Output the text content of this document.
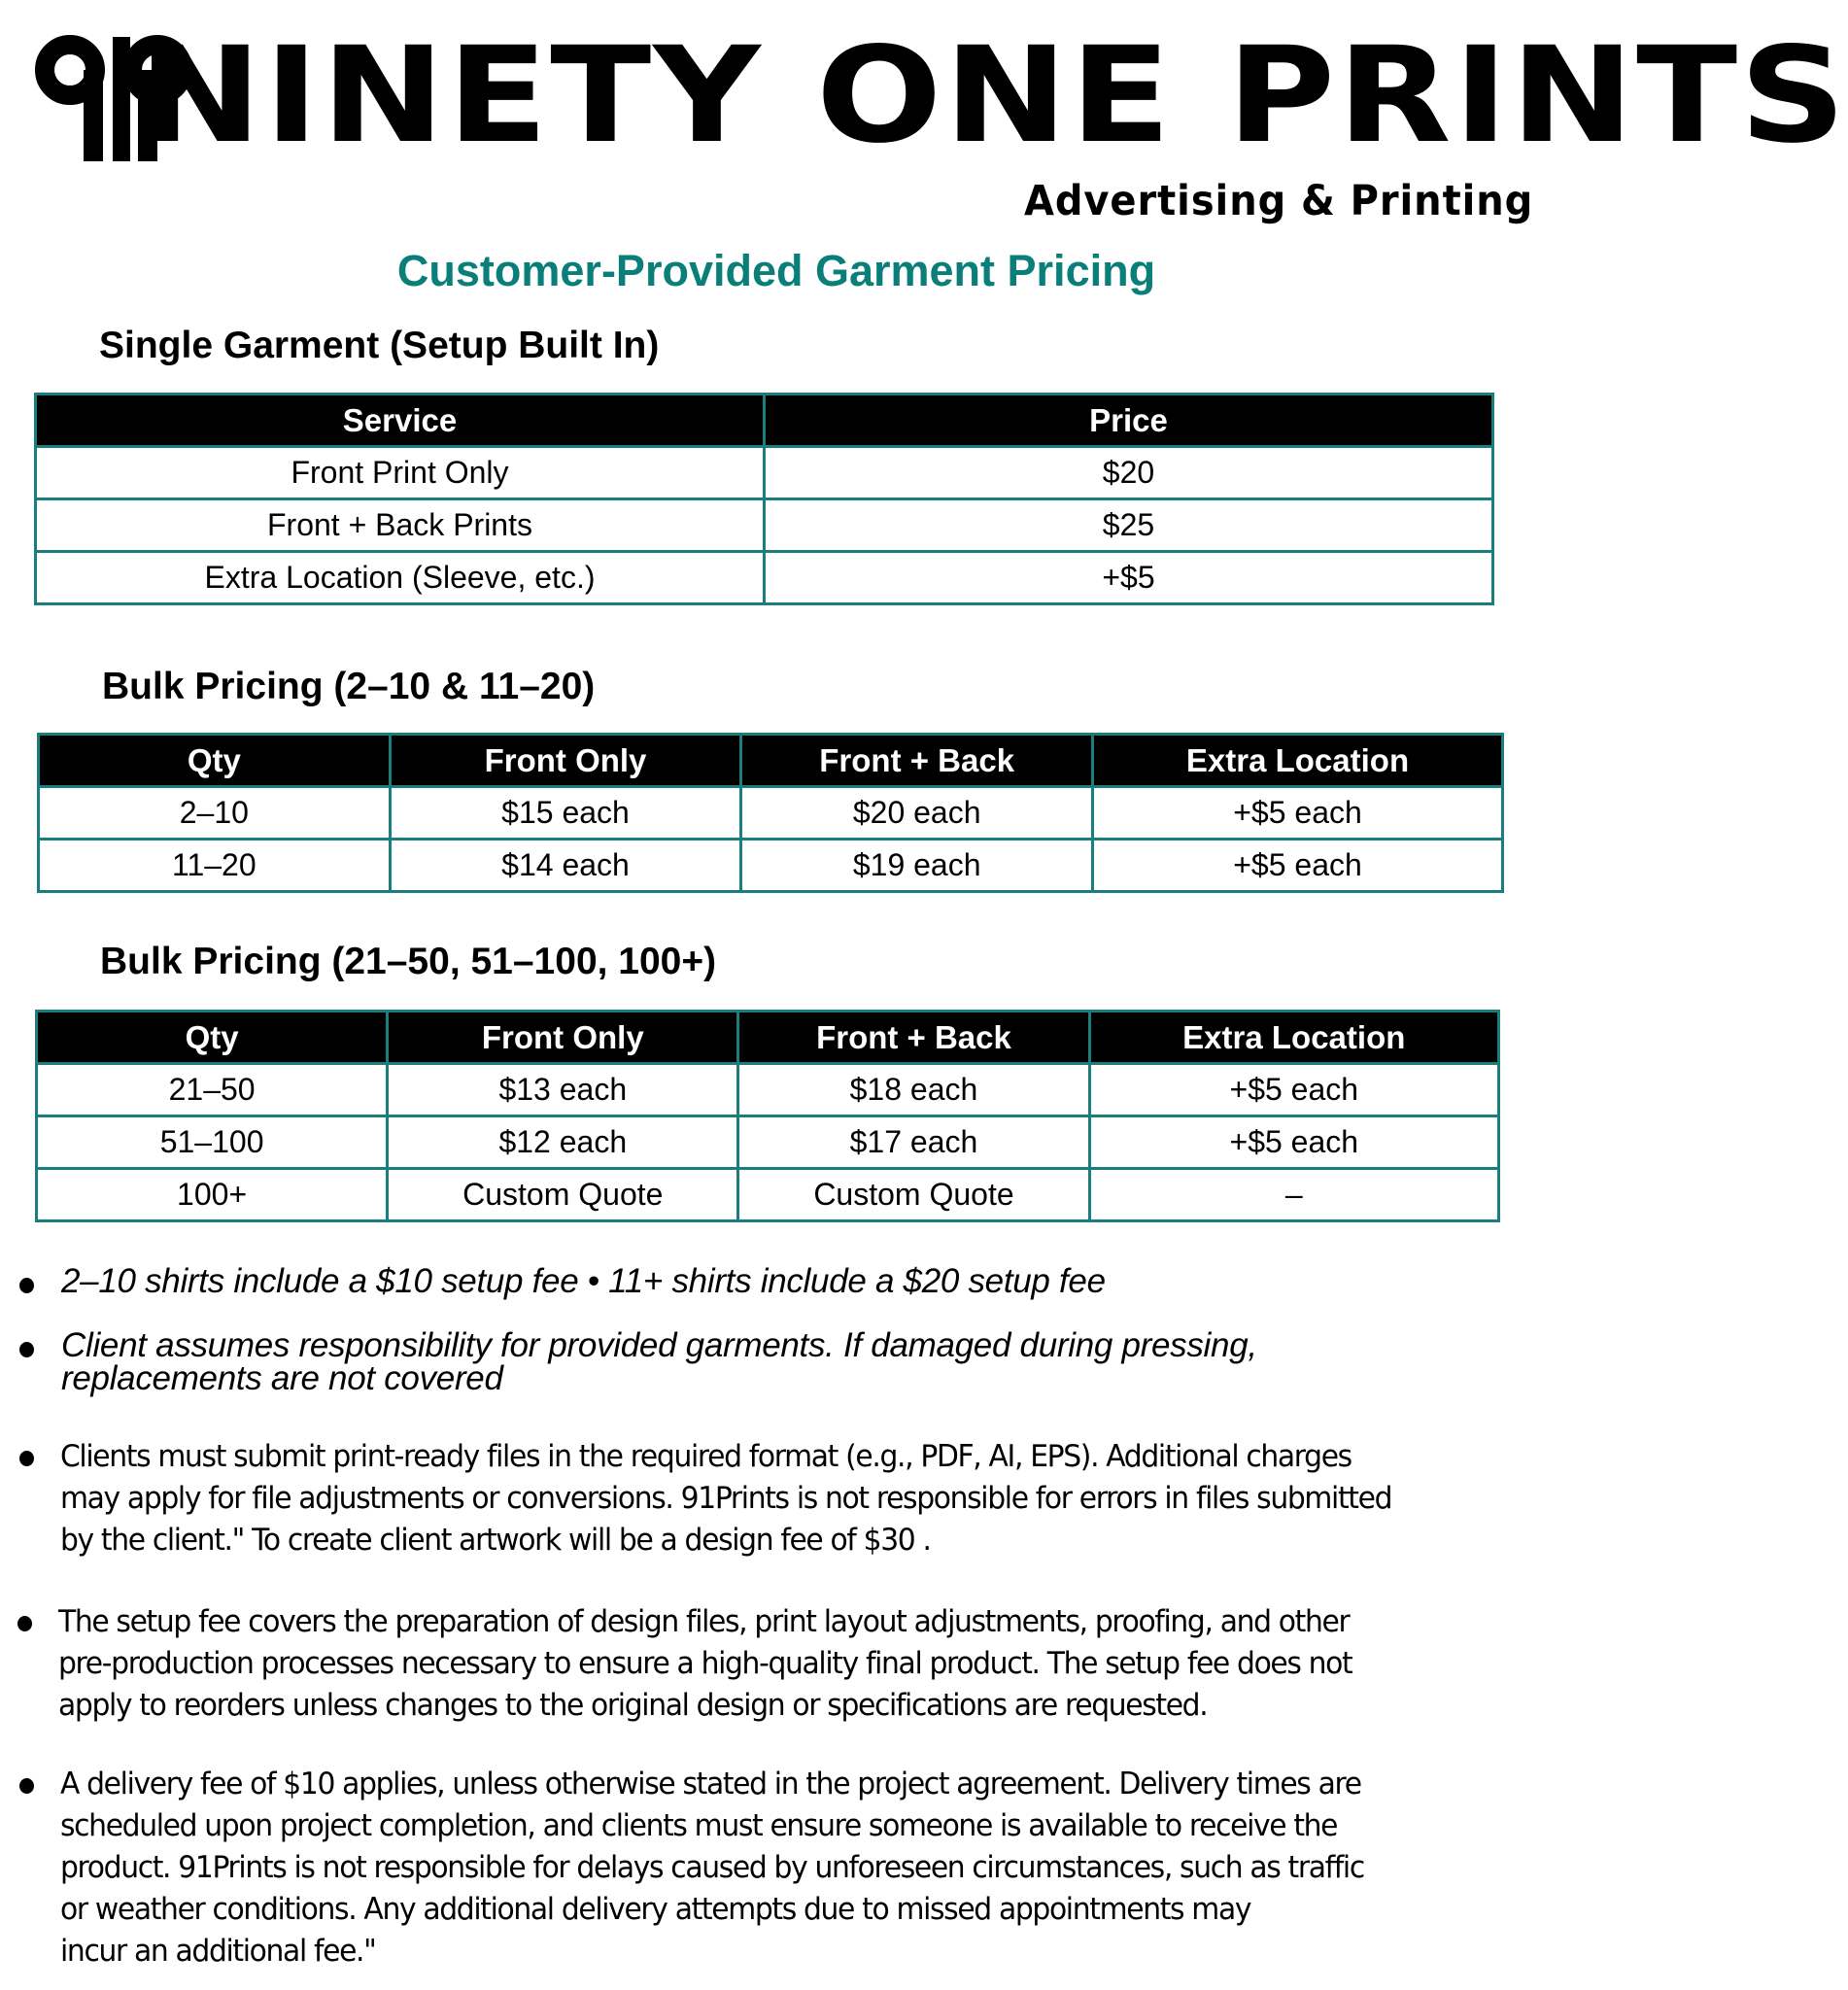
NINETY ONE PRINTS
Advertising & Printing
Customer-Provided Garment Pricing
Single Garment (Setup Built In)
Service	Price
Front Print Only	$20
Front + Back Prints	$25
Extra Location (Sleeve, etc.)	+$5
Bulk Pricing (2–10 & 11–20)
Qty	Front Only	Front + Back	Extra Location
2–10	$15 each	$20 each	+$5 each
11–20	$14 each	$19 each	+$5 each
Bulk Pricing (21–50, 51–100, 100+)
Qty	Front Only	Front + Back	Extra Location
21–50	$13 each	$18 each	+$5 each
51–100	$12 each	$17 each	+$5 each
100+	Custom Quote	Custom Quote	–
2–10 shirts include a $10 setup fee • 11+ shirts include a $20 setup fee
Client assumes responsibility for provided garments. If damaged during pressing,
replacements are not covered
Clients must submit print-ready files in the required format (e.g., PDF, AI, EPS). Additional charges
may apply for file adjustments or conversions. 91Prints is not responsible for errors in files submitted
by the client." To create client artwork will be a design fee of $30 .
The setup fee covers the preparation of design files, print layout adjustments, proofing, and other
pre-production processes necessary to ensure a high-quality final product. The setup fee does not
apply to reorders unless changes to the original design or specifications are requested.
A delivery fee of $10 applies, unless otherwise stated in the project agreement. Delivery times are
scheduled upon project completion, and clients must ensure someone is available to receive the
product. 91Prints is not responsible for delays caused by unforeseen circumstances, such as traffic
or weather conditions. Any additional delivery attempts due to missed appointments may
incur an additional fee."
